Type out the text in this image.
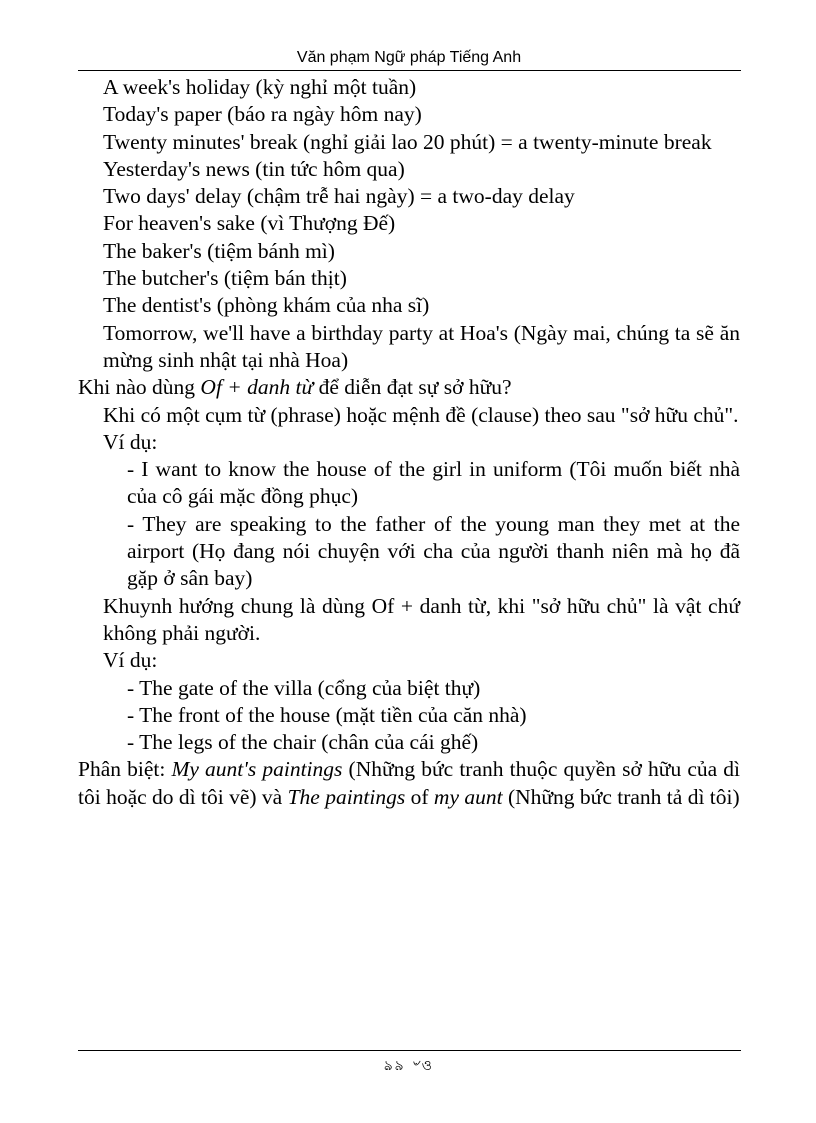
Văn phạm Ngữ pháp Tiếng Anh

A week's holiday (kỳ nghỉ một tuần)

Today's paper (báo ra ngày hôm nay)

Twenty minutes' break (nghỉ giải lao 20 phút) = a twenty-minute break

Yesterday's news (tin tức hôm qua)

Two days' delay (chậm trễ hai ngày) = a two-day delay

For heaven's sake (vì Thượng Đế)

The baker's (tiệm bánh mì)

The butcher's (tiệm bán thịt)

The dentist's (phòng khám của nha sĩ)

Tomorrow, we'll have a birthday party at Hoa's (Ngày mai, chúng ta sẽ ăn mừng sinh nhật tại nhà Hoa)

Khi nào dùng Of + danh từ để diễn đạt sự sở hữu?

Khi có một cụm từ (phrase) hoặc mệnh đề (clause) theo sau "sở hữu chủ".

Ví dụ:

- I want to know the house of the girl in uniform (Tôi muốn biết nhà của cô gái mặc đồng phục)

- They are speaking to the father of the young man they met at the airport (Họ đang nói chuyện với cha của người thanh niên mà họ đã gặp ở sân bay)

Khuynh hướng chung là dùng Of + danh từ, khi "sở hữu chủ" là vật chứ không phải người.

Ví dụ:

- The gate of the villa (cổng của biệt thự)

- The front of the house (mặt tiền của căn nhà)

- The legs of the chair (chân của cái ghế)

Phân biệt: My aunt's paintings (Những bức tranh thuộc quyền sở hữu của dì tôi hoặc do dì tôi vẽ) và The paintings of my aunt (Những bức tranh tả dì tôi)

ঌ৯ ৺ও
